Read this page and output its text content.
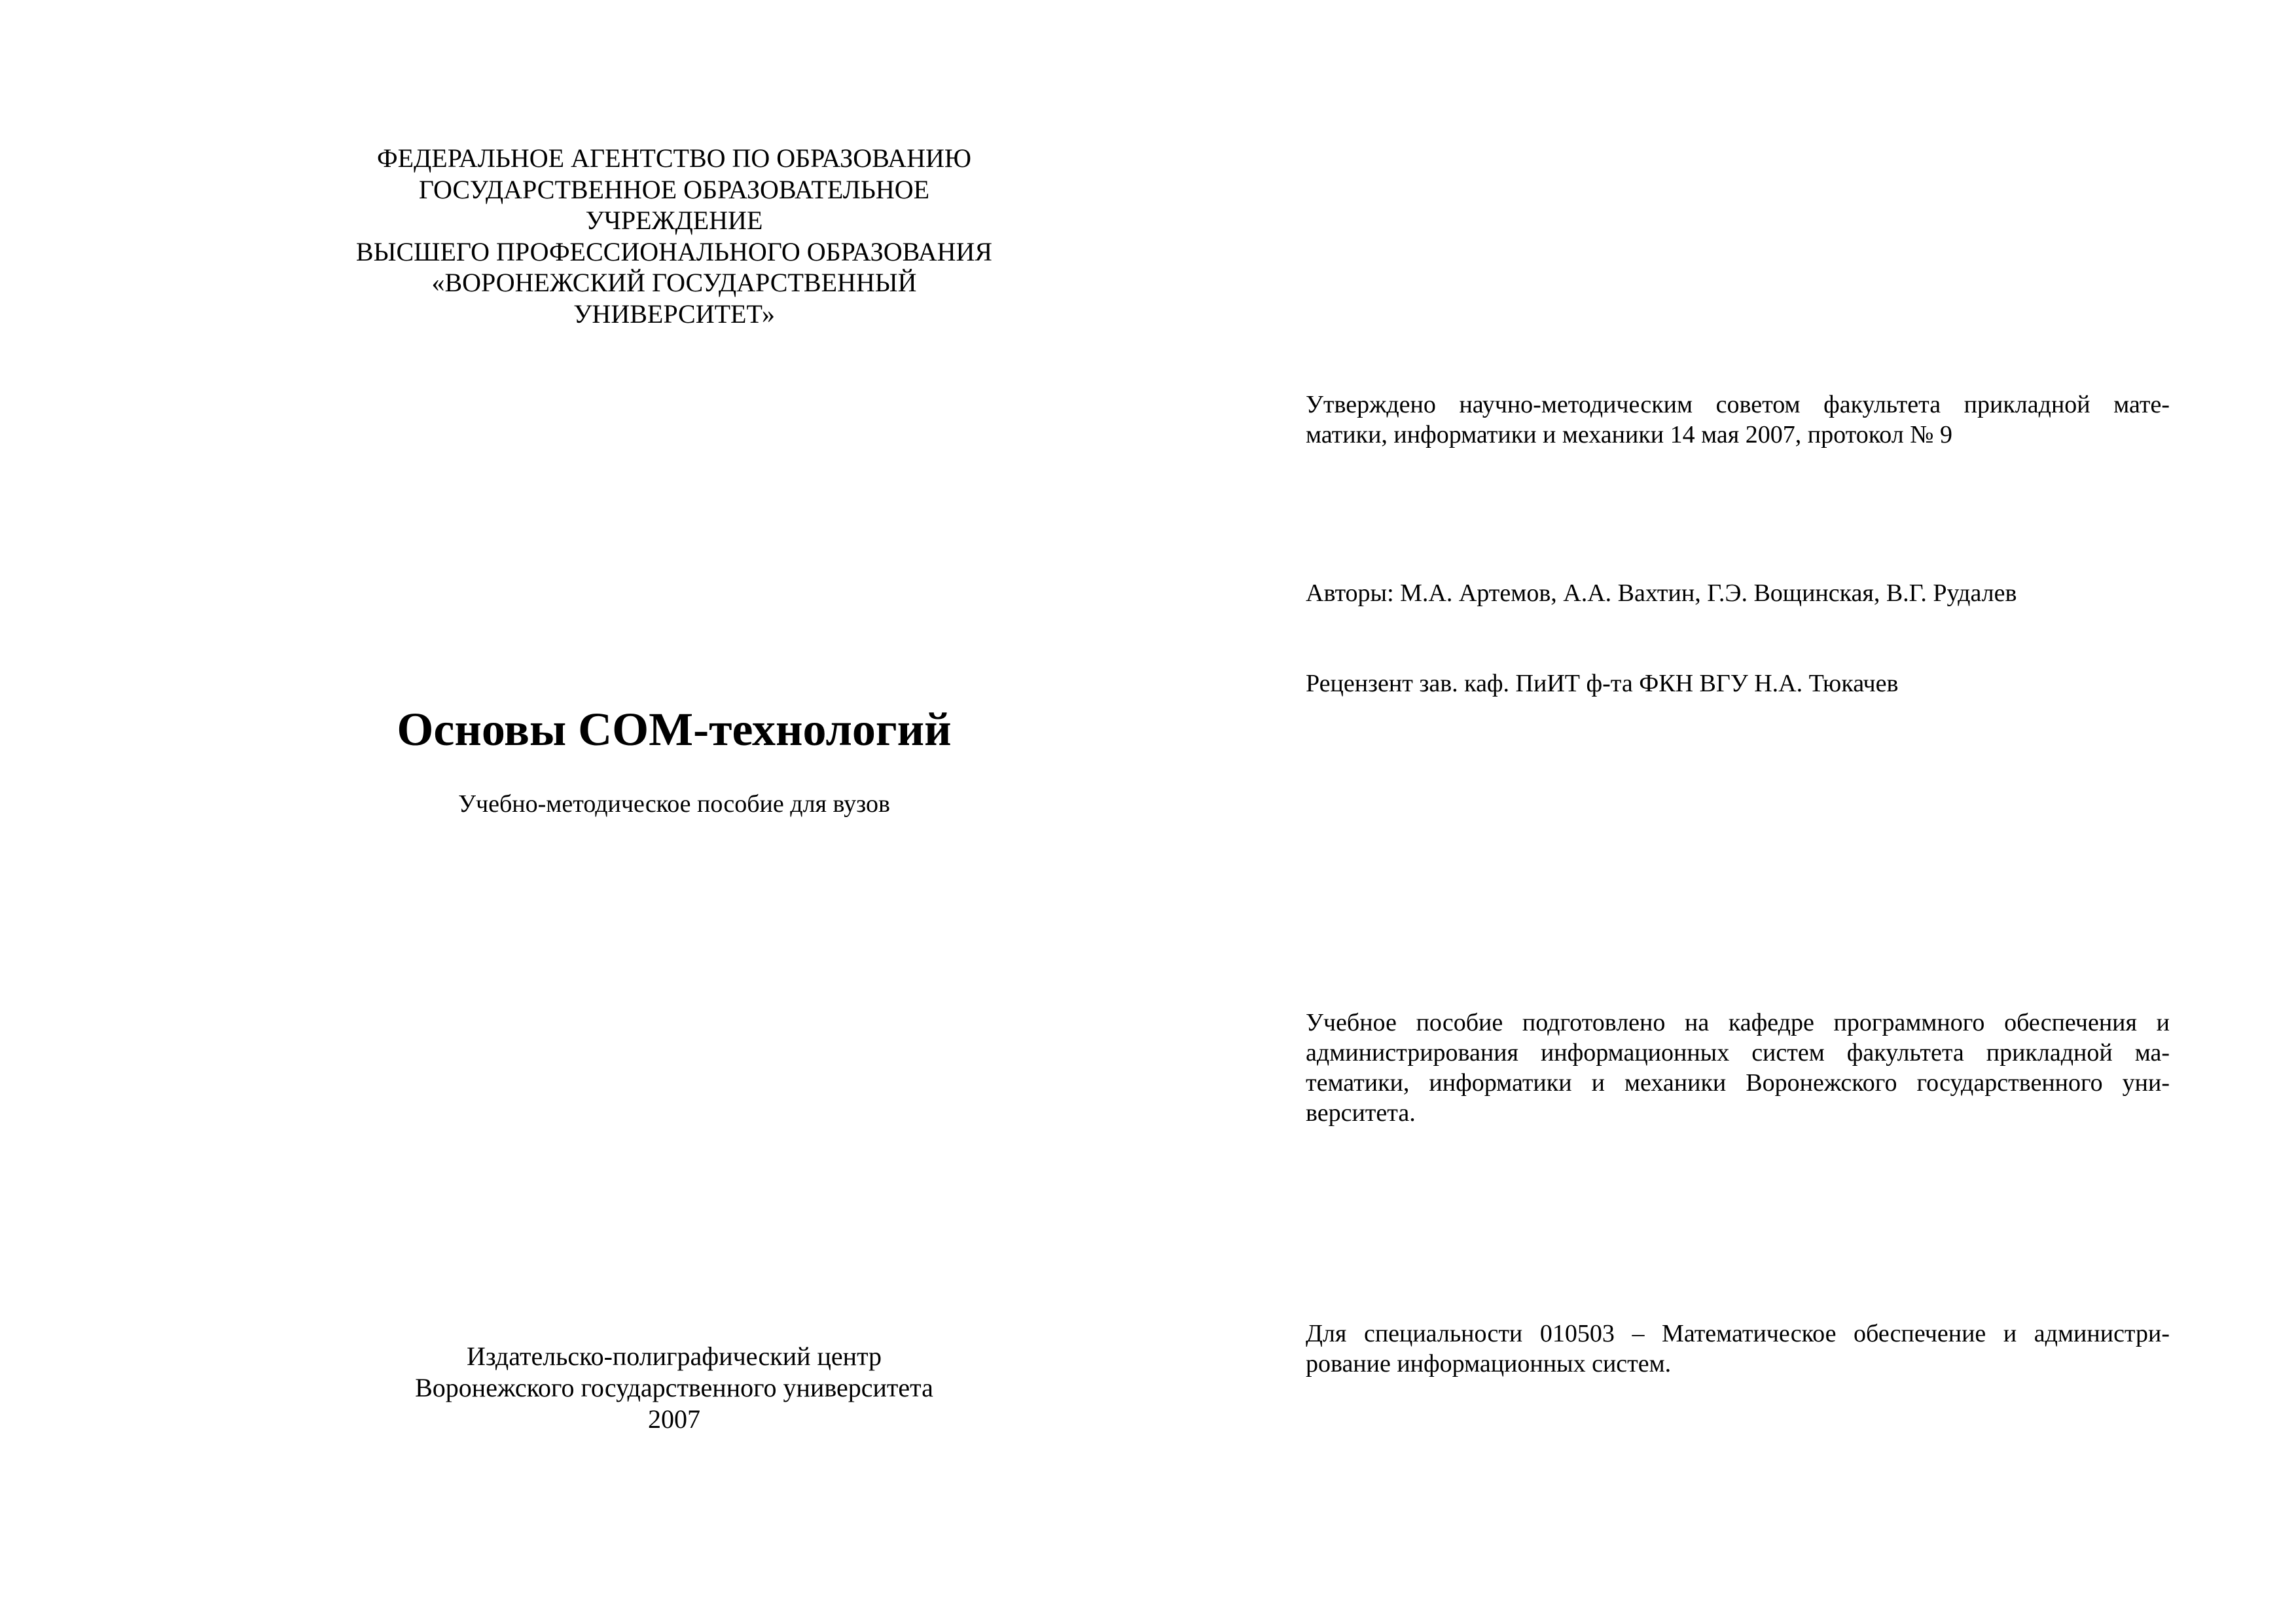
ФЕДЕРАЛЬНОЕ АГЕНТСТВО ПО ОБРАЗОВАНИЮ
ГОСУДАРСТВЕННОЕ ОБРАЗОВАТЕЛЬНОЕ
УЧРЕЖДЕНИЕ
ВЫСШЕГО ПРОФЕССИОНАЛЬНОГО ОБРАЗОВАНИЯ
«ВОРОНЕЖСКИЙ ГОСУДАРСТВЕННЫЙ
УНИВЕРСИТЕТ»
Основы COM-технологий
Учебно-методическое пособие для вузов
Издательско-полиграфический центр
Воронежского государственного университета
2007
Утверждено научно-методическим советом факультета прикладной мате-
матики, информатики и механики 14 мая 2007, протокол № 9
Авторы: М.А. Артемов, А.А. Вахтин, Г.Э. Вощинская, В.Г. Рудалев
Рецензент зав. каф. ПиИТ ф-та ФКН ВГУ Н.А. Тюкачев
Учебное пособие подготовлено на кафедре программного обеспечения и
администрирования информационных систем факультета прикладной ма-
тематики, информатики и механики Воронежского государственного уни-
верситета.
Для специальности 010503 – Математическое обеспечение и администри-
рование информационных систем.
